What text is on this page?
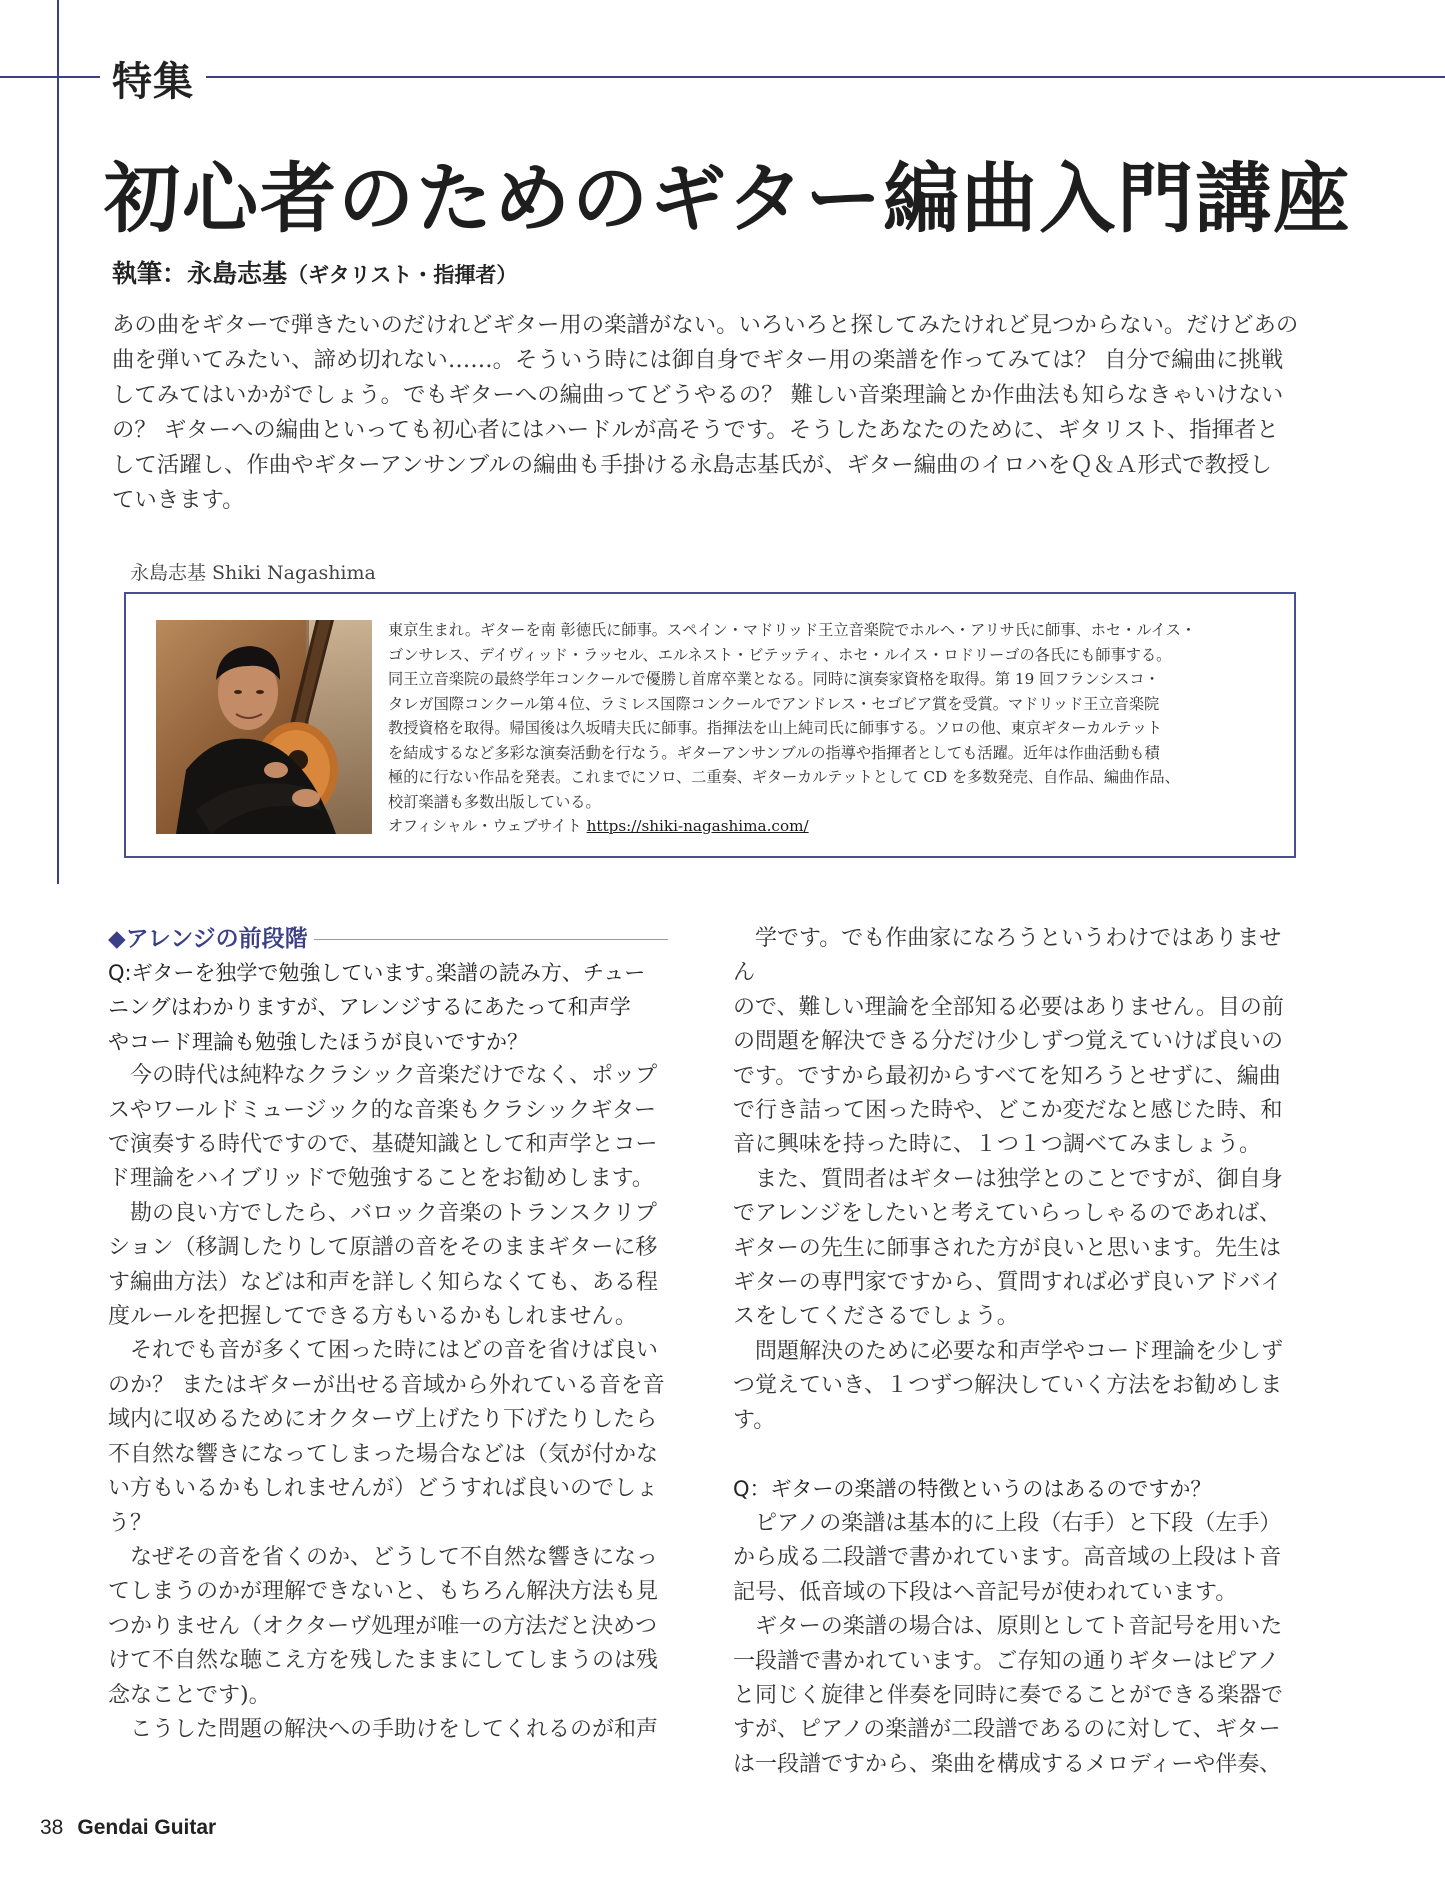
特集
初心者のためのギター編曲入門講座
執筆：永島志基（ギタリスト・指揮者）

あの曲をギターで弾きたいのだけれどギター用の楽譜がない。いろいろと探してみたけれど見つからない。だけどあの

曲を弾いてみたい、諦め切れない……。そういう時には御自身でギター用の楽譜を作ってみては？ 自分で編曲に挑戦

してみてはいかがでしょう。でもギターへの編曲ってどうやるの？ 難しい音楽理論とか作曲法も知らなきゃいけない

の？ ギターへの編曲といっても初心者にはハードルが高そうです。そうしたあなたのために、ギタリスト、指揮者と

して活躍し、作曲やギターアンサンブルの編曲も手掛ける永島志基氏が、ギター編曲のイロハをＱ＆Ａ形式で教授し

ていきます。

永島志基 Shiki Nagashima

東京生まれ。ギターを南 彰徳氏に師事。スペイン・マドリッド王立音楽院でホルヘ・アリサ氏に師事、ホセ・ルイス・

ゴンサレス、デイヴィッド・ラッセル、エルネスト・ビテッティ、ホセ・ルイス・ロドリーゴの各氏にも師事する。

同王立音楽院の最終学年コンクールで優勝し首席卒業となる。同時に演奏家資格を取得。第 19 回フランシスコ・

タレガ国際コンクール第４位、ラミレス国際コンクールでアンドレス・セゴビア賞を受賞。マドリッド王立音楽院

教授資格を取得。帰国後は久坂晴夫氏に師事。指揮法を山上純司氏に師事する。ソロの他、東京ギターカルテット

を結成するなど多彩な演奏活動を行なう。ギターアンサンブルの指導や指揮者としても活躍。近年は作曲活動も積

極的に行ない作品を発表。これまでにソロ、二重奏、ギターカルテットとして CD を多数発売、自作品、編曲作品、

校訂楽譜も多数出版している。

オフィシャル・ウェブサイト https://shiki-nagashima.com/

◆アレンジの前段階

Q:ギターを独学で勉強しています｡楽譜の読み方、チュー

ニングはわかりますが、アレンジするにあたって和声学

やコード理論も勉強したほうが良いですか？

今の時代は純粋なクラシック音楽だけでなく、ポップ

スやワールドミュージック的な音楽もクラシックギター

で演奏する時代ですので、基礎知識として和声学とコー

ド理論をハイブリッドで勉強することをお勧めします。

勘の良い方でしたら、バロック音楽のトランスクリプ

ション（移調したりして原譜の音をそのままギターに移

す編曲方法）などは和声を詳しく知らなくても、ある程

度ルールを把握してできる方もいるかもしれません。

それでも音が多くて困った時にはどの音を省けば良い

のか？ またはギターが出せる音域から外れている音を音

域内に収めるためにオクターヴ上げたり下げたりしたら

不自然な響きになってしまった場合などは（気が付かな

い方もいるかもしれませんが）どうすれば良いのでしょ

う？

なぜその音を省くのか、どうして不自然な響きになっ

てしまうのかが理解できないと、もちろん解決方法も見

つかりません（オクターヴ処理が唯一の方法だと決めつ

けて不自然な聴こえ方を残したままにしてしまうのは残

念なことです)。

こうした問題の解決への手助けをしてくれるのが和声

学です。でも作曲家になろうというわけではありません

ので、難しい理論を全部知る必要はありません。目の前

の問題を解決できる分だけ少しずつ覚えていけば良いの

です。ですから最初からすべてを知ろうとせずに、編曲

で行き詰って困った時や、どこか変だなと感じた時、和

音に興味を持った時に、１つ１つ調べてみましょう。

また、質問者はギターは独学とのことですが、御自身

でアレンジをしたいと考えていらっしゃるのであれば、

ギターの先生に師事された方が良いと思います。先生は

ギターの専門家ですから、質問すれば必ず良いアドバイ

スをしてくださるでしょう。

問題解決のために必要な和声学やコード理論を少しず

つ覚えていき、１つずつ解決していく方法をお勧めしま

す。

Q：ギターの楽譜の特徴というのはあるのですか？

ピアノの楽譜は基本的に上段（右手）と下段（左手）

から成る二段譜で書かれています。高音域の上段はト音

記号、低音域の下段はヘ音記号が使われています。

ギターの楽譜の場合は、原則としてト音記号を用いた

一段譜で書かれています。ご存知の通りギターはピアノ

と同じく旋律と伴奏を同時に奏でることができる楽器で

すが、ピアノの楽譜が二段譜であるのに対して、ギター

は一段譜ですから、楽曲を構成するメロディーや伴奏、

38 Gendai Guitar
